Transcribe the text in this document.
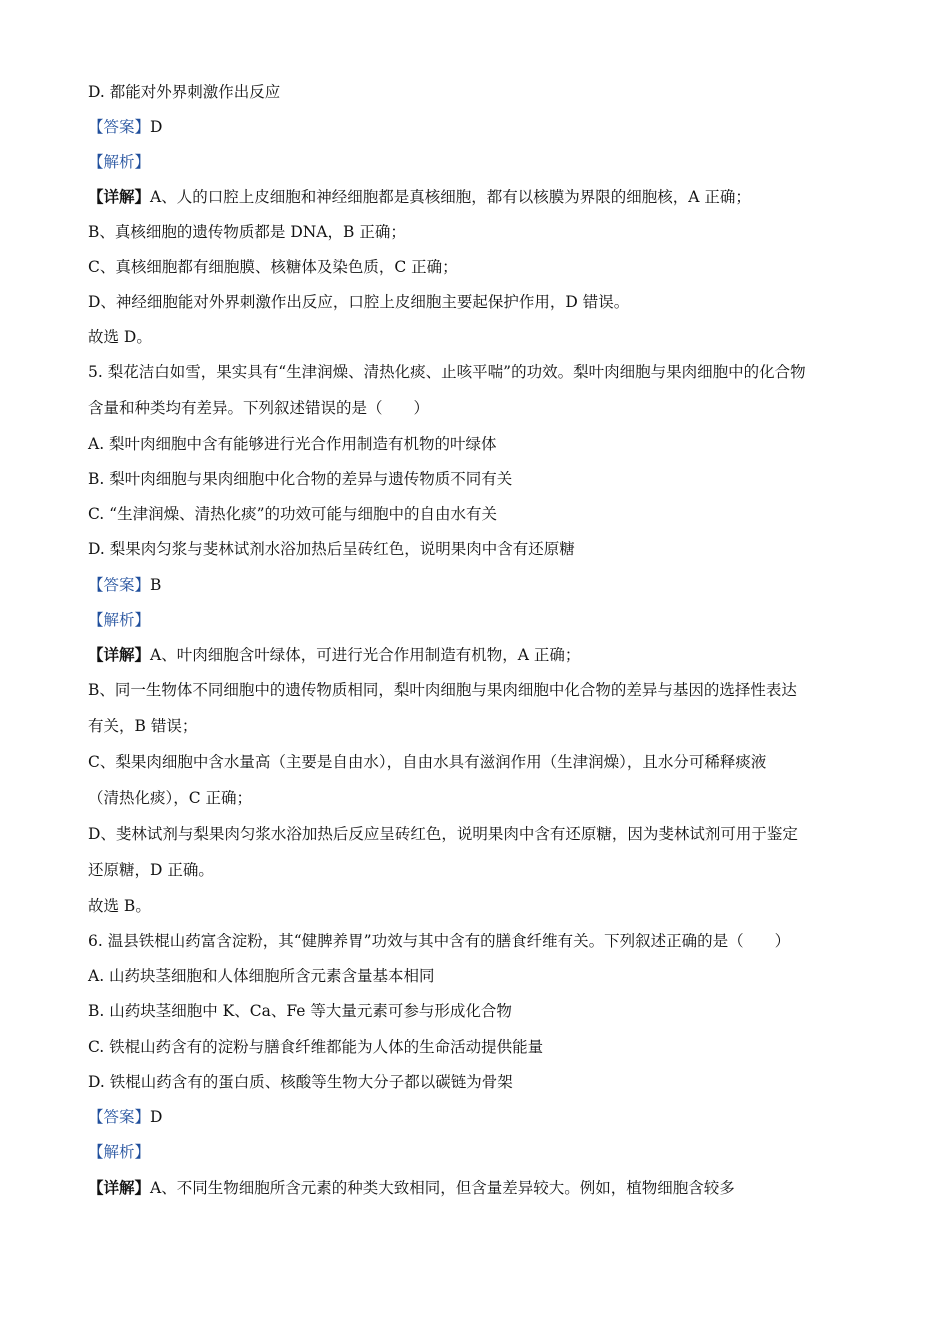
D. 都能对外界刺激作出反应
【答案】D
【解析】
【详解】A、人的口腔上皮细胞和神经细胞都是真核细胞，都有以核膜为界限的细胞核，A 正确；
B、真核细胞的遗传物质都是 DNA，B 正确；
C、真核细胞都有细胞膜、核糖体及染色质，C 正确；
D、神经细胞能对外界刺激作出反应，口腔上皮细胞主要起保护作用，D 错误。
故选 D。
5. 梨花洁白如雪，果实具有“生津润燥、清热化痰、止咳平喘”的功效。梨叶肉细胞与果肉细胞中的化合物
含量和种类均有差异。下列叙述错误的是（　　）
A. 梨叶肉细胞中含有能够进行光合作用制造有机物的叶绿体
B. 梨叶肉细胞与果肉细胞中化合物的差异与遗传物质不同有关
C. “生津润燥、清热化痰”的功效可能与细胞中的自由水有关
D. 梨果肉匀浆与斐林试剂水浴加热后呈砖红色，说明果肉中含有还原糖
【答案】B
【解析】
【详解】A、叶肉细胞含叶绿体，可进行光合作用制造有机物，A 正确；
B、同一生物体不同细胞中的遗传物质相同，梨叶肉细胞与果肉细胞中化合物的差异与基因的选择性表达
有关，B 错误；
C、梨果肉细胞中含水量高（主要是自由水），自由水具有滋润作用（生津润燥），且水分可稀释痰液
（清热化痰），C 正确；
D、斐林试剂与梨果肉匀浆水浴加热后反应呈砖红色，说明果肉中含有还原糖，因为斐林试剂可用于鉴定
还原糖，D 正确。
故选 B。
6. 温县铁棍山药富含淀粉，其“健脾养胃”功效与其中含有的膳食纤维有关。下列叙述正确的是（　　）
A. 山药块茎细胞和人体细胞所含元素含量基本相同
B. 山药块茎细胞中 K、Ca、Fe 等大量元素可参与形成化合物
C. 铁棍山药含有的淀粉与膳食纤维都能为人体的生命活动提供能量
D. 铁棍山药含有的蛋白质、核酸等生物大分子都以碳链为骨架
【答案】D
【解析】
【详解】A、不同生物细胞所含元素的种类大致相同，但含量差异较大。例如，植物细胞含较多
